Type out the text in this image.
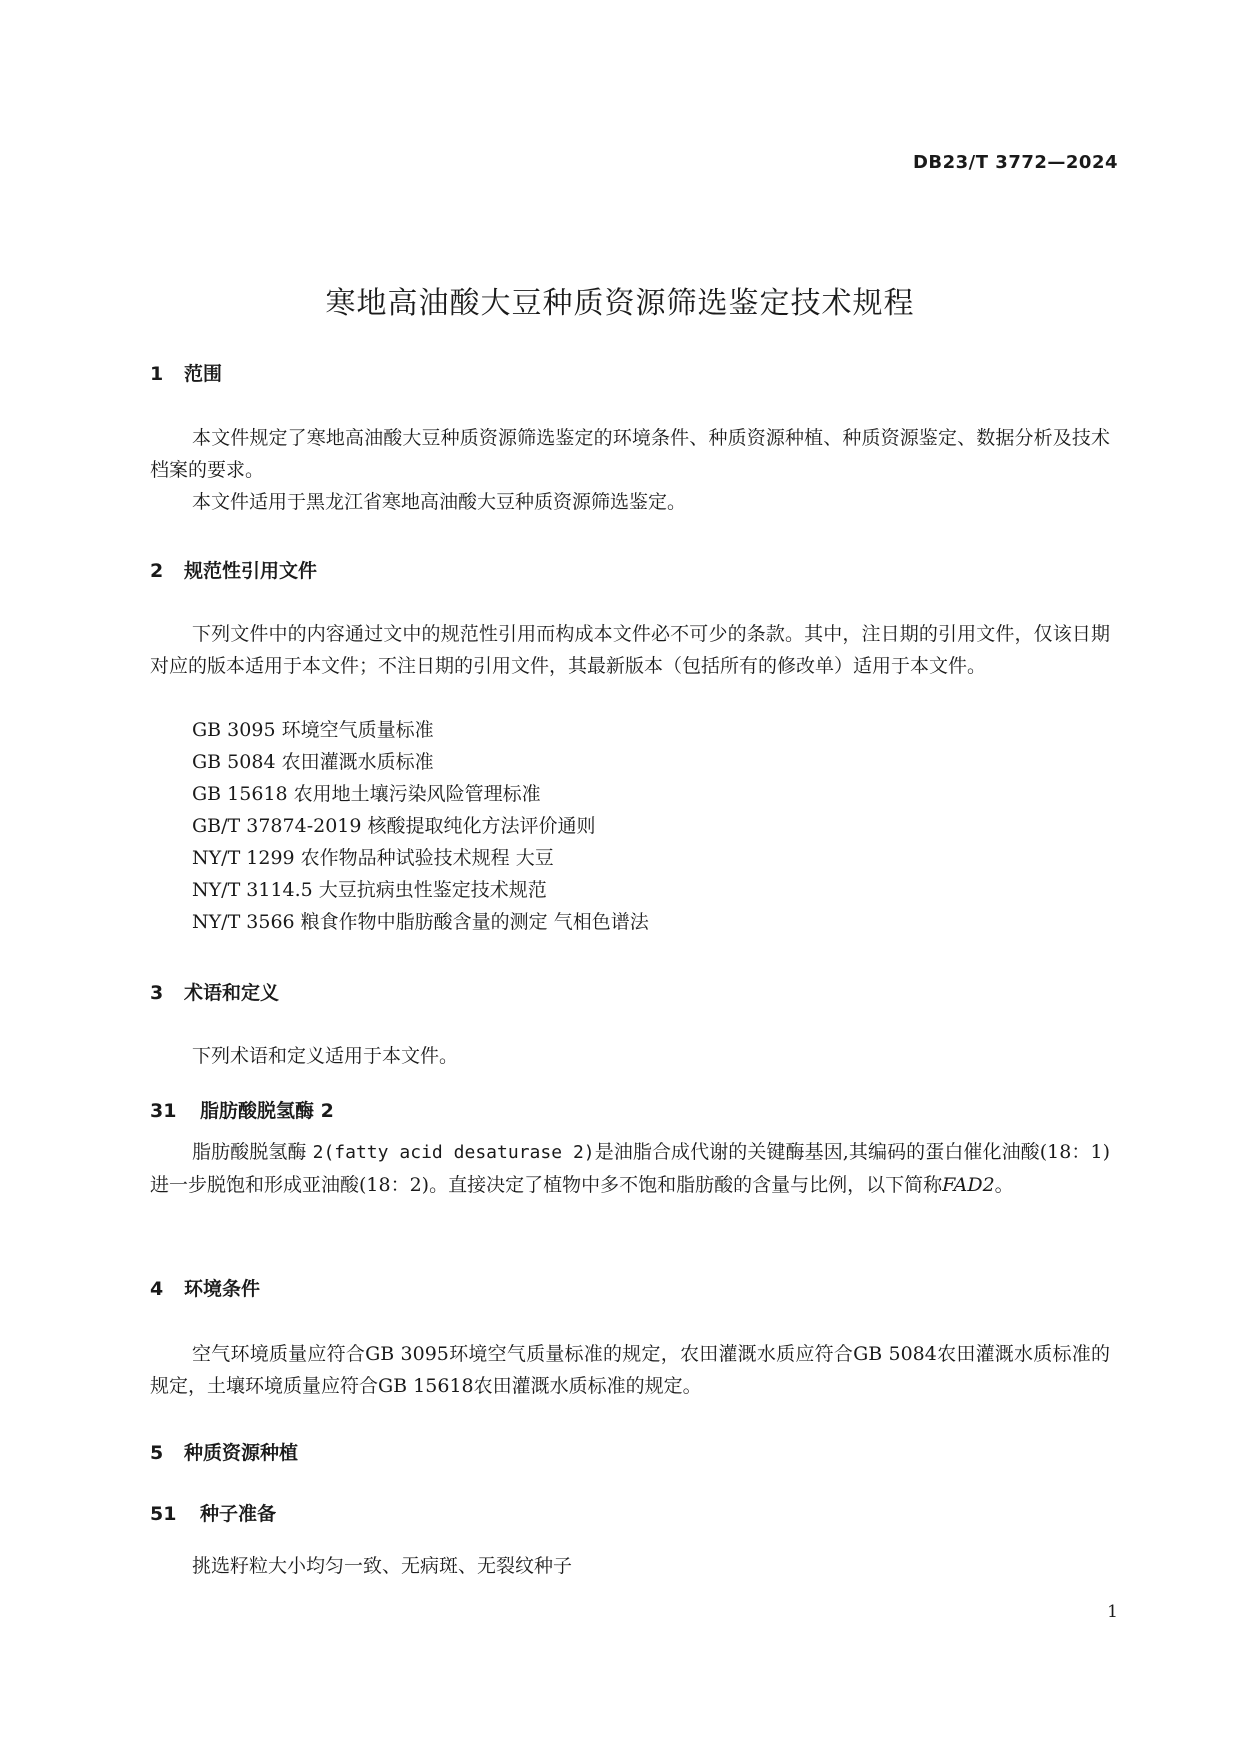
DB23/T 3772—2024
寒地高油酸大豆种质资源筛选鉴定技术规程
1 范围
本文件规定了寒地高油酸大豆种质资源筛选鉴定的环境条件、种质资源种植、种质资源鉴定、数据分析及技术档案的要求。
本文件适用于黑龙江省寒地高油酸大豆种质资源筛选鉴定。
2 规范性引用文件
下列文件中的内容通过文中的规范性引用而构成本文件必不可少的条款。其中，注日期的引用文件，仅该日期对应的版本适用于本文件；不注日期的引用文件，其最新版本（包括所有的修改单）适用于本文件。
GB 3095 环境空气质量标准
GB 5084 农田灌溉水质标准
GB 15618 农用地土壤污染风险管理标准
GB/T 37874-2019 核酸提取纯化方法评价通则
NY/T 1299 农作物品种试验技术规程 大豆
NY/T 3114.5 大豆抗病虫性鉴定技术规范
NY/T 3566 粮食作物中脂肪酸含量的测定 气相色谱法
3 术语和定义
下列术语和定义适用于本文件。
31 脂肪酸脱氢酶 2
脂肪酸脱氢酶 2(fatty acid desaturase 2)是油脂合成代谢的关键酶基因,其编码的蛋白催化油酸(18：1)进一步脱饱和形成亚油酸(18：2)。直接决定了植物中多不饱和脂肪酸的含量与比例，以下简称FAD2。
4 环境条件
空气环境质量应符合GB 3095环境空气质量标准的规定，农田灌溉水质应符合GB 5084农田灌溉水质标准的规定，土壤环境质量应符合GB 15618农田灌溉水质标准的规定。
5 种质资源种植
51 种子准备
挑选籽粒大小均匀一致、无病斑、无裂纹种子
1
